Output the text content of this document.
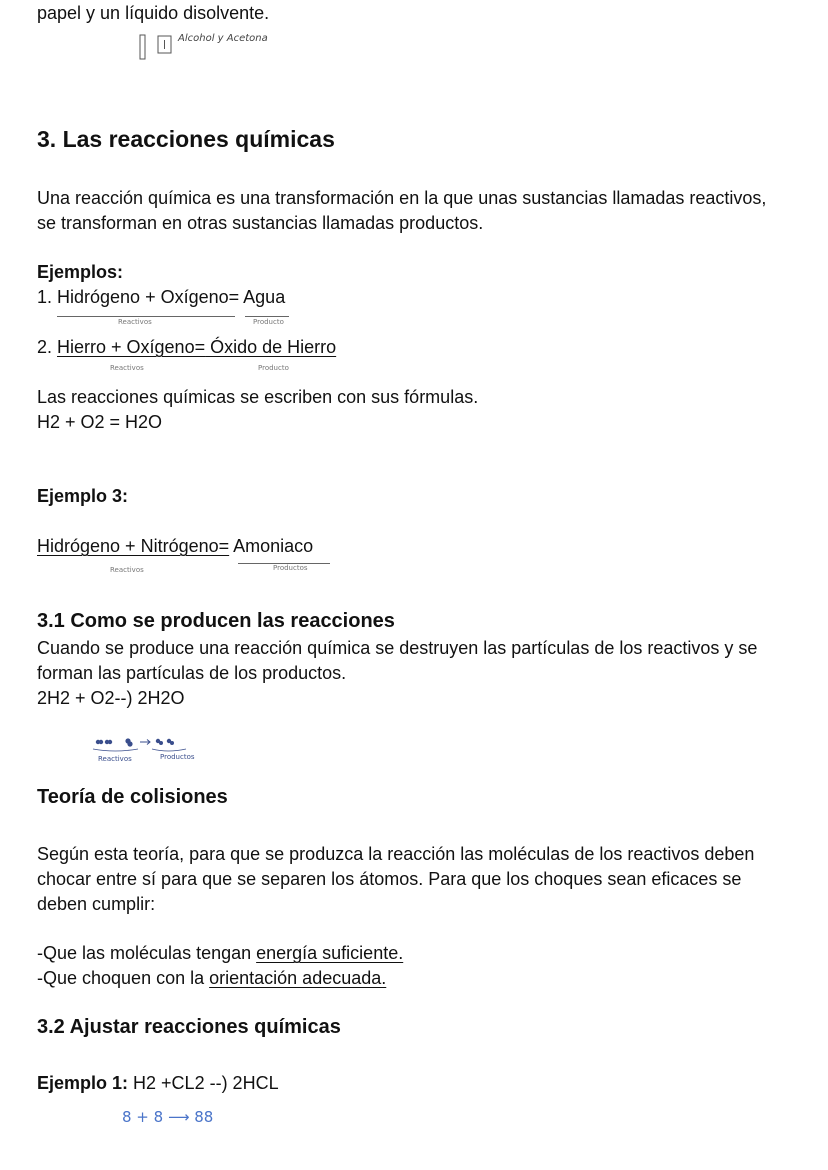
papel y un líquido disolvente.
Alcohol y Acetona
3. Las reacciones químicas
Una reacción química es una transformación en la que unas sustancias llamadas reactivos,
se transforman en otras sustancias llamadas productos.
Ejemplos:
1. Hidrógeno + Oxígeno= Agua
Reactivos	Producto
2. Hierro + Oxígeno= Óxido de Hierro
Reactivos	Producto
Las reacciones químicas se escriben con sus fórmulas.
H2 + O2 = H2O
Ejemplo 3:
Hidrógeno + Nitrógeno= Amoniaco
Reactivos	Productos
3.1 Como se producen las reacciones
Cuando se produce una reacción química se destruyen las partículas de los reactivos y se
forman las partículas de los productos.
2H2 + O2--) 2H2O
Reactivos	Productos
Teoría de colisiones
Según esta teoría, para que se produzca la reacción las moléculas de los reactivos deben
chocar entre sí para que se separen los átomos. Para que los choques sean eficaces se
deben cumplir:
-Que las moléculas tengan energía suficiente.
-Que choquen con la orientación adecuada.
3.2 Ajustar reacciones químicas
Ejemplo 1: H2 +CL2 --) 2HCL
8 + 8 ⟶ 88
